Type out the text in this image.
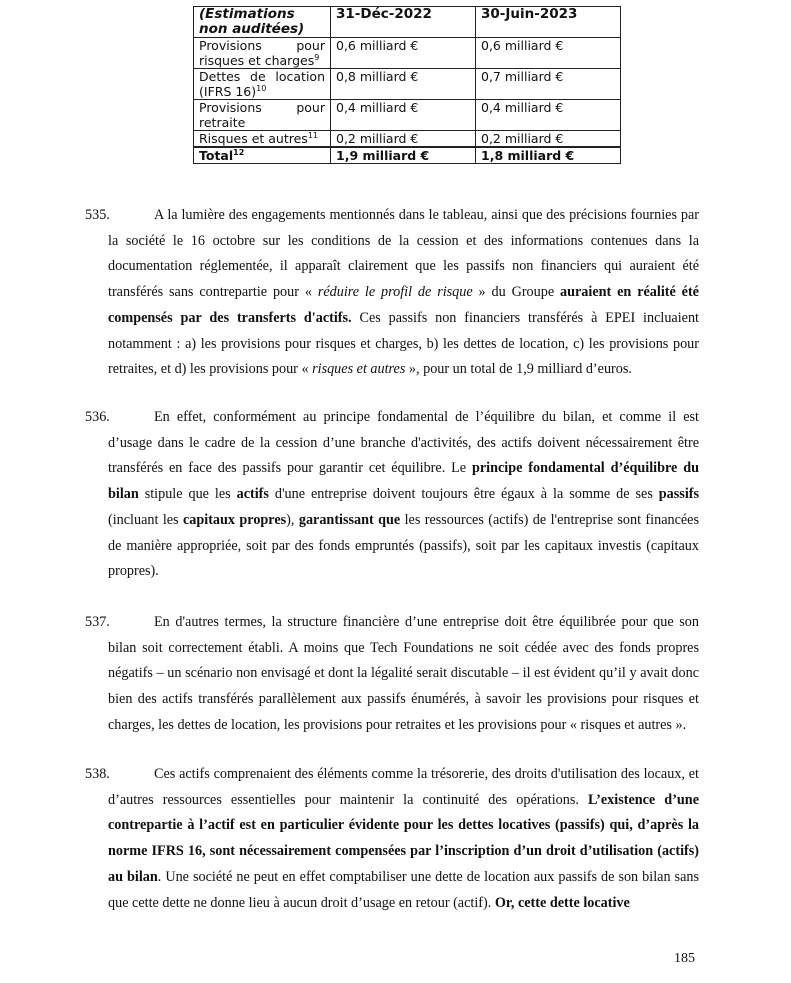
(Estimations non auditées)	31-Déc-2022	30-Juin-2023
Provisions pour risques et charges$^9$	0,6 milliard €	0,6 milliard €
Dettes de location (IFRS 16)$^{10}$	0,8 milliard €	0,7 milliard €
Provisions pour retraite	0,4 milliard €	0,4 milliard €
Risques et autres$^{11}$	0,2 milliard €	0,2 milliard €
Total$^{12}$	1,9 milliard €	1,8 milliard €
535.	A la lumière des engagements mentionnés dans le tableau, ainsi que des précisions fournies par la société le 16 octobre sur les conditions de la cession et des informations contenues dans la documentation réglementée, il apparaît clairement que les passifs non financiers qui auraient été transférés sans contrepartie pour « réduire le profil de risque » du Groupe auraient en réalité été compensés par des transferts d'actifs. Ces passifs non financiers transférés à EPEI incluaient notamment : a) les provisions pour risques et charges, b) les dettes de location, c) les provisions pour retraites, et d) les provisions pour « risques et autres », pour un total de 1,9 milliard d’euros.

536.	En effet, conformément au principe fondamental de l’équilibre du bilan, et comme il est d’usage dans le cadre de la cession d’une branche d'activités, des actifs doivent nécessairement être transférés en face des passifs pour garantir cet équilibre. Le principe fondamental d’équilibre du bilan stipule que les actifs d'une entreprise doivent toujours être égaux à la somme de ses passifs (incluant les capitaux propres), garantissant que les ressources (actifs) de l'entreprise sont financées de manière appropriée, soit par des fonds empruntés (passifs), soit par les capitaux investis (capitaux propres).

537.	En d'autres termes, la structure financière d’une entreprise doit être équilibrée pour que son bilan soit correctement établi. A moins que Tech Foundations ne soit cédée avec des fonds propres négatifs – un scénario non envisagé et dont la légalité serait discutable – il est évident qu’il y avait donc bien des actifs transférés parallèlement aux passifs énumérés, à savoir les provisions pour risques et charges, les dettes de location, les provisions pour retraites et les provisions pour « risques et autres ».

538.	Ces actifs comprenaient des éléments comme la trésorerie, des droits d'utilisation des locaux, et d’autres ressources essentielles pour maintenir la continuité des opérations. L’existence d’une contrepartie à l’actif est en particulier évidente pour les dettes locatives (passifs) qui, d’après la norme IFRS 16, sont nécessairement compensées par l’inscription d’un droit d’utilisation (actifs) au bilan. Une société ne peut en effet comptabiliser une dette de location aux passifs de son bilan sans que cette dette ne donne lieu à aucun droit d’usage en retour (actif). Or, cette dette locative

185
